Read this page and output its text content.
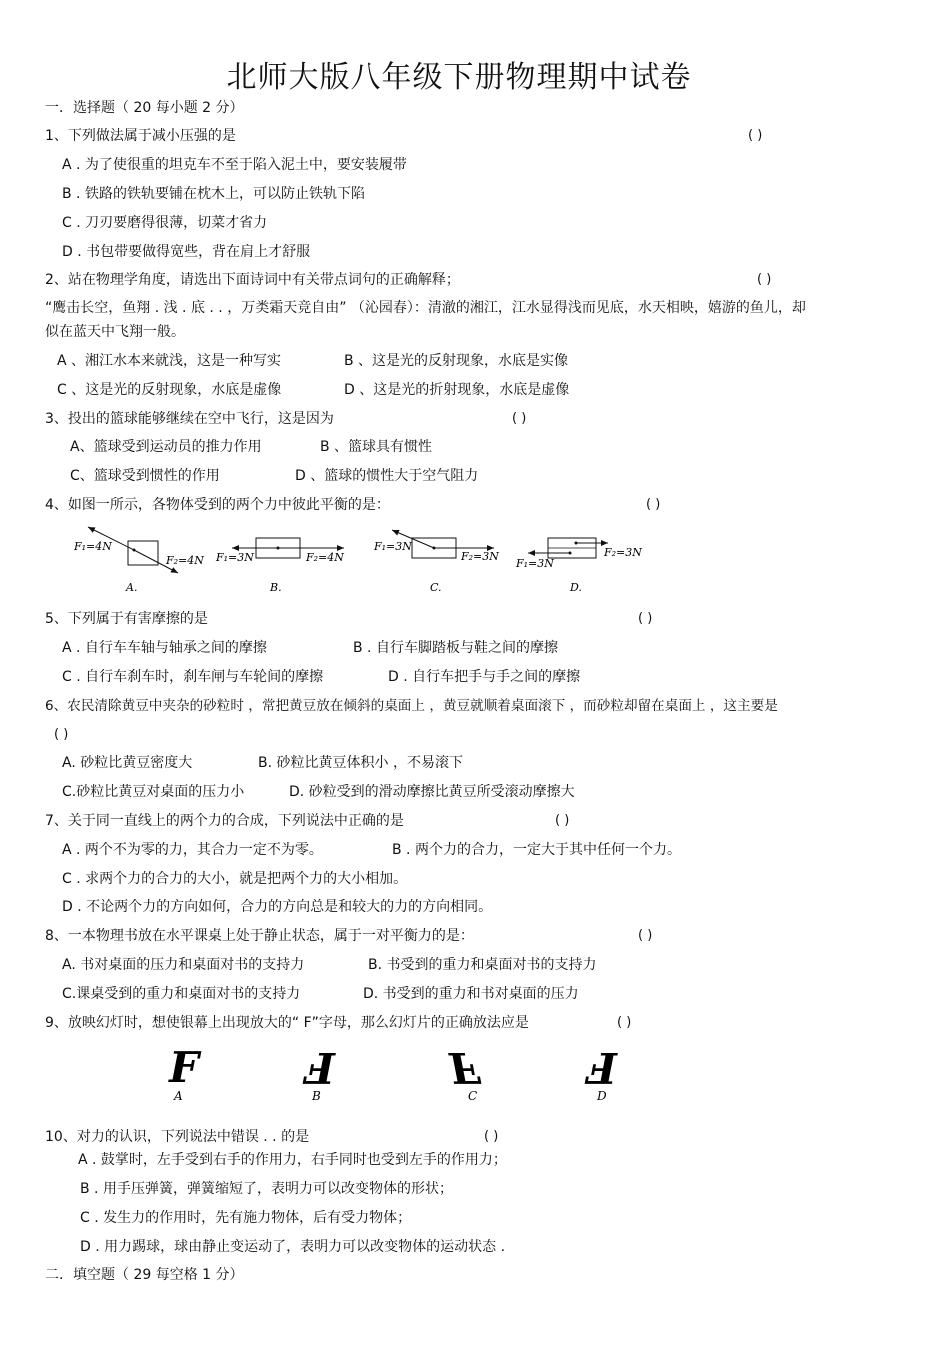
北师大版八年级下册物理期中试卷
一．选择题（ 20 每小题 2 分）
1、下列做法属于减小压强的是	( )
A . 为了使很重的坦克车不至于陷入泥土中，要安装履带
B . 铁路的铁轨要铺在枕木上，可以防止铁轨下陷
C . 刀刃要磨得很薄，切菜才省力
D . 书包带要做得宽些，背在肩上才舒服
2、站在物理学角度，请选出下面诗词中有关带点词句的正确解释；	( )
“鹰击长空，鱼翔 . 浅 . 底 . . ，万类霜天竞自由” （沁园春）：清澈的湘江，江水显得浅而见底，水天相映，嬉游的鱼儿，却
似在蓝天中飞翔一般。
A 、湘江水本来就浅，这是一种写实	B 、这是光的反射现象，水底是实像
C 、这是光的反射现象，水底是虚像	D 、这是光的折射现象，水底是虚像
3、投出的篮球能够继续在空中飞行，这是因为	( )
A、篮球受到运动员的推力作用	B 、篮球具有惯性
C、篮球受到惯性的作用	D 、篮球的惯性大于空气阻力
4、如图一所示，各物体受到的两个力中彼此平衡的是：	( )
F₁=4N
F₂=4N
A.
F₁=3N	F₂=4N
B.
F₁=3N
F₂=3N
C.
F₂=3N
F₁=3N
D.
5、下列属于有害摩擦的是	( )
A . 自行车车轴与轴承之间的摩擦	B . 自行车脚踏板与鞋之间的摩擦
C . 自行车刹车时，刹车闸与车轮间的摩擦	D . 自行车把手与手之间的摩擦
6、农民清除黄豆中夹杂的砂粒时 ，常把黄豆放在倾斜的桌面上 ，黄豆就顺着桌面滚下 ，而砂粒却留在桌面上 ，这主要是
( )
A. 砂粒比黄豆密度大	B. 砂粒比黄豆体积小 ，不易滚下
C.砂粒比黄豆对桌面的压力小	D. 砂粒受到的滑动摩擦比黄豆所受滚动摩擦大
7、关于同一直线上的两个力的合成，下列说法中正确的是	( )
A . 两个不为零的力，其合力一定不为零。	B . 两个力的合力，一定大于其中任何一个力。
C . 求两个力的合力的大小，就是把两个力的大小相加。
D . 不论两个力的方向如何，合力的方向总是和较大的力的方向相同。
8、一本物理书放在水平课桌上处于静止状态，属于一对平衡力的是：	( )
A. 书对桌面的压力和桌面对书的支持力	B. 书受到的重力和桌面对书的支持力
C.课桌受到的重力和桌面对书的支持力	D. 书受到的重力和书对桌面的压力
9、放映幻灯时，想使银幕上出现放大的“ F”字母，那么幻灯片的正确放法应是	( )
F	F	F	F
A	B	C	D
10、对力的认识，下列说法中错误 . . 的是	( )
A . 鼓掌时，左手受到右手的作用力，右手同时也受到左手的作用力；
B . 用手压弹簧，弹簧缩短了，表明力可以改变物体的形状；
C . 发生力的作用时，先有施力物体，后有受力物体；
D . 用力踢球，球由静止变运动了，表明力可以改变物体的运动状态 .
二．填空题（ 29 每空格 1 分）
